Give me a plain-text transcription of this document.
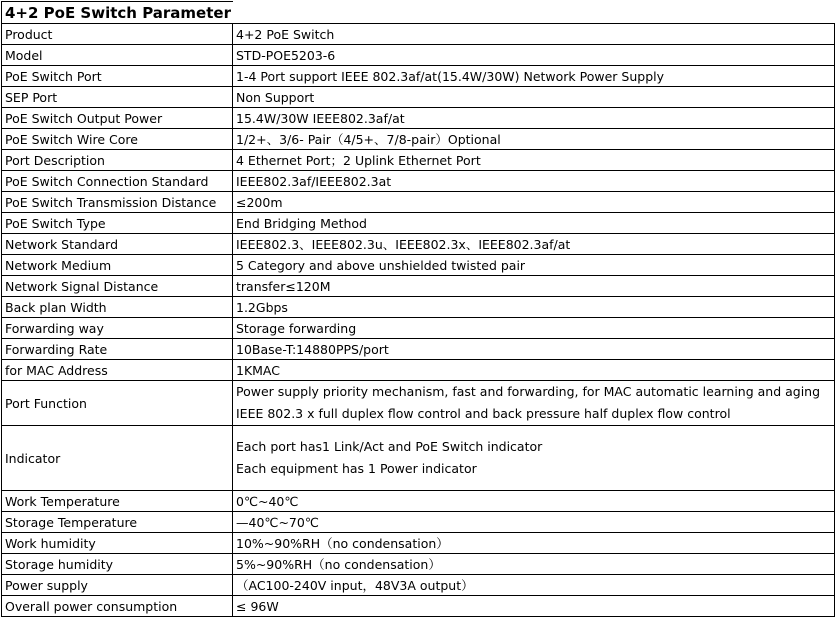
4+2 PoE Switch Parameter	
Product	4+2 PoE Switch
Model	STD-POE5203-6
PoE Switch Port	1-4 Port support IEEE 802.3af/at(15.4W/30W) Network Power Supply
SEP Port	Non Support
PoE Switch Output Power	15.4W/30W IEEE802.3af/at
PoE Switch Wire Core	1/2+、3/6- Pair（4/5+、7/8-pair）Optional
Port Description	4 Ethernet Port；2 Uplink Ethernet Port
PoE Switch Connection Standard	IEEE802.3af/IEEE802.3at
PoE Switch Transmission Distance	≤200m
PoE Switch Type	End Bridging Method
Network Standard	IEEE802.3、IEEE802.3u、IEEE802.3x、IEEE802.3af/at
Network Medium	5 Category and above unshielded twisted pair
Network Signal Distance	transfer≤120M
Back plan Width	1.2Gbps
Forwarding way	Storage forwarding
Forwarding Rate	10Base-T:14880PPS/port
for MAC Address	1KMAC
Port Function	Power supply priority mechanism, fast and forwarding, for MAC automatic learning and aging
IEEE 802.3 x full duplex flow control and back pressure half duplex flow control

Indicator	Each port has1 Link/Act and PoE Switch indicator
Each equipment has 1 Power indicator

Work Temperature	0℃~40℃
Storage Temperature	—40℃~70℃
Work humidity	10%~90%RH（no condensation）
Storage humidity	5%~90%RH（no condensation）
Power supply	（AC100-240V input，48V3A output）
Overall power consumption	≤ 96W
